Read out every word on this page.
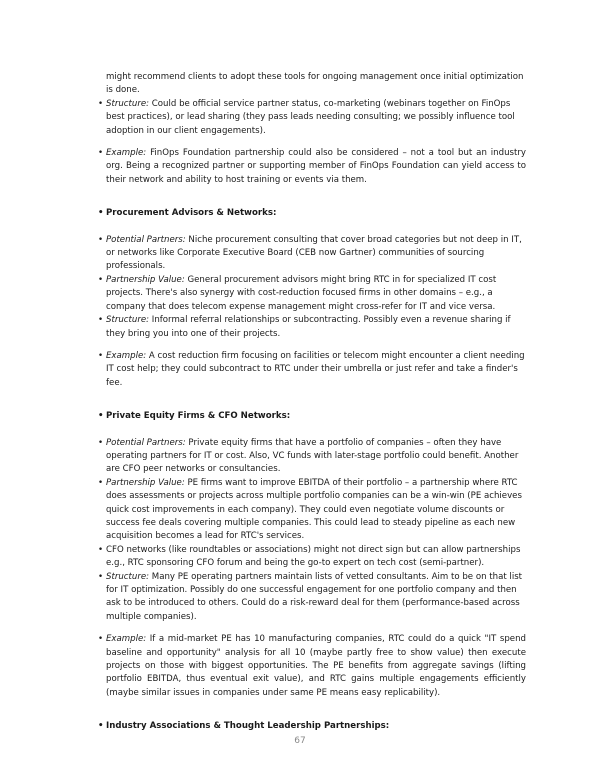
might recommend clients to adopt these tools for ongoing management once initial optimization is done.

• Structure: Could be official service partner status, co-marketing (webinars together on FinOps best practices), or lead sharing (they pass leads needing consulting; we possibly influence tool adoption in our client engagements).

• Example: FinOps Foundation partnership could also be considered – not a tool but an industry org. Being a recognized partner or supporting member of FinOps Foundation can yield access to their network and ability to host training or events via them.

• Procurement Advisors & Networks:

• Potential Partners: Niche procurement consulting that cover broad categories but not deep in IT, or networks like Corporate Executive Board (CEB now Gartner) communities of sourcing professionals.

• Partnership Value: General procurement advisors might bring RTC in for specialized IT cost projects. There's also synergy with cost-reduction focused firms in other domains – e.g., a company that does telecom expense management might cross-refer for IT and vice versa.

• Structure: Informal referral relationships or subcontracting. Possibly even a revenue sharing if they bring you into one of their projects.

• Example: A cost reduction firm focusing on facilities or telecom might encounter a client needing IT cost help; they could subcontract to RTC under their umbrella or just refer and take a finder's fee.

• Private Equity Firms & CFO Networks:

• Potential Partners: Private equity firms that have a portfolio of companies – often they have operating partners for IT or cost. Also, VC funds with later-stage portfolio could benefit. Another are CFO peer networks or consultancies.

• Partnership Value: PE firms want to improve EBITDA of their portfolio – a partnership where RTC does assessments or projects across multiple portfolio companies can be a win-win (PE achieves quick cost improvements in each company). They could even negotiate volume discounts or success fee deals covering multiple companies. This could lead to steady pipeline as each new acquisition becomes a lead for RTC's services.

• CFO networks (like roundtables or associations) might not direct sign but can allow partnerships e.g., RTC sponsoring CFO forum and being the go-to expert on tech cost (semi-partner).

• Structure: Many PE operating partners maintain lists of vetted consultants. Aim to be on that list for IT optimization. Possibly do one successful engagement for one portfolio company and then ask to be introduced to others. Could do a risk-reward deal for them (performance-based across multiple companies).

• Example: If a mid-market PE has 10 manufacturing companies, RTC could do a quick "IT spend baseline and opportunity" analysis for all 10 (maybe partly free to show value) then execute projects on those with biggest opportunities. The PE benefits from aggregate savings (lifting portfolio EBITDA, thus eventual exit value), and RTC gains multiple engagements efficiently (maybe similar issues in companies under same PE means easy replicability).

• Industry Associations & Thought Leadership Partnerships:

67
